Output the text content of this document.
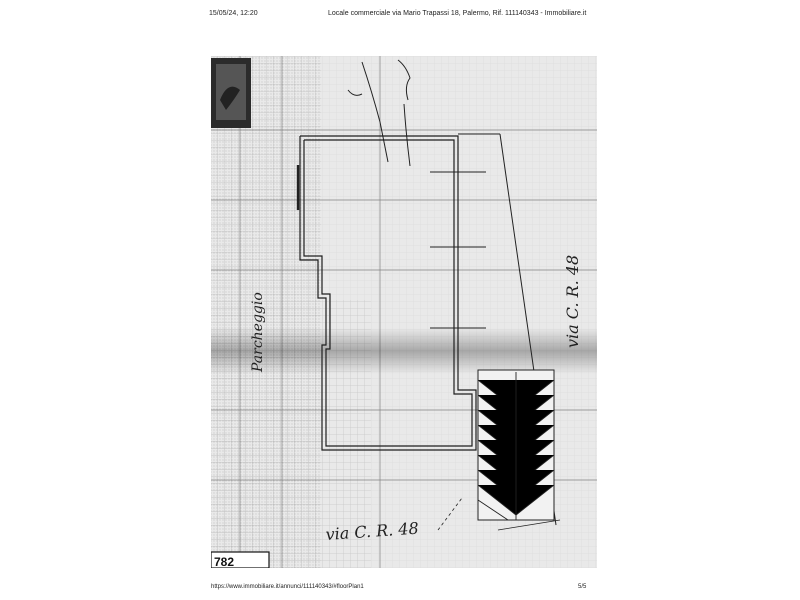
15/05/24, 12:20	Locale commerciale via Mario Trapassi 18, Palermo, Rif. 111140343 - Immobiliare.it
Parcheggio
via C. R. 48
via C. R. 48
782
https://www.immobiliare.it/annunci/111140343/#floorPlan1	5/5
